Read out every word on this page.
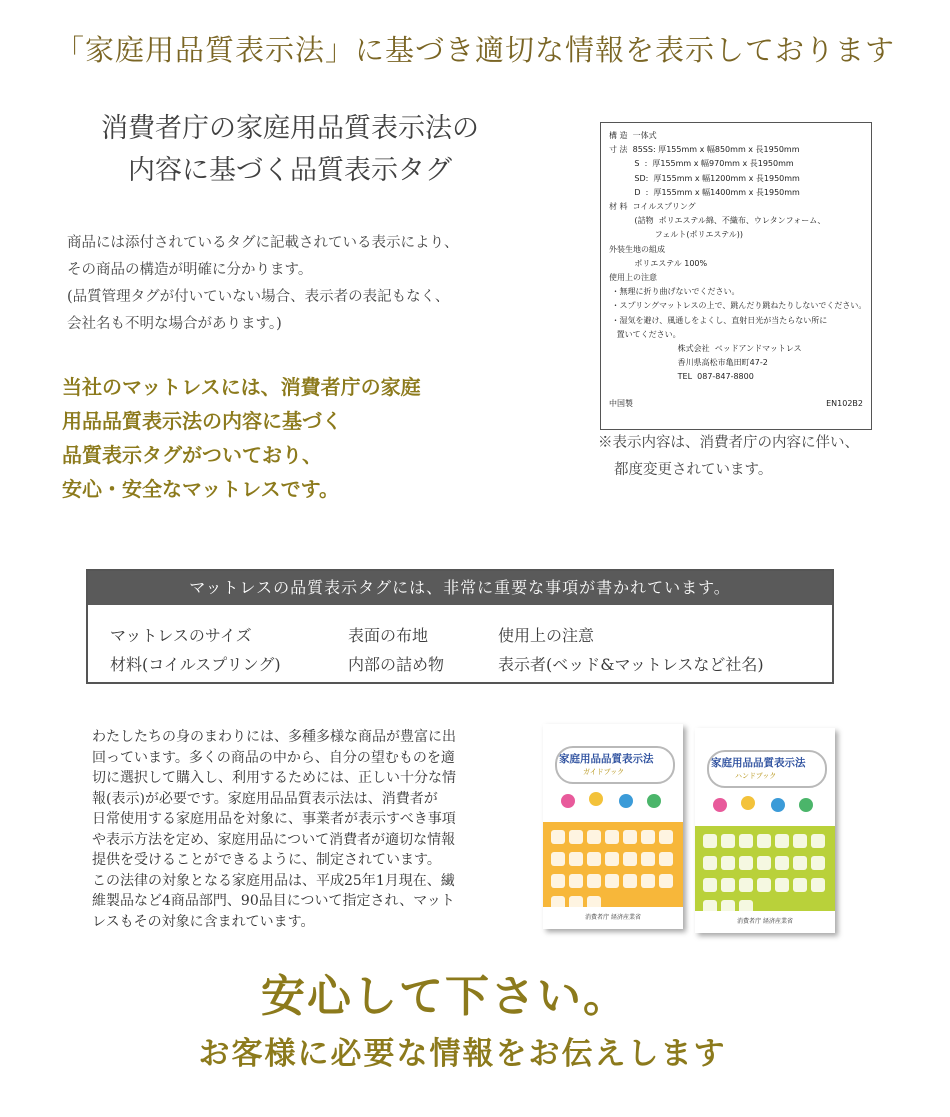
「家庭用品質表示法」に基づき適切な情報を表示しております
消費者庁の家庭用品質表示法の
内容に基づく品質表示タグ
商品には添付されているタグに記載されている表示により、
その商品の構造が明確に分かります。
(品質管理タグが付いていない場合、表示者の表記もなく、
会社名も不明な場合があります。)
当社のマットレスには、消費者庁の家庭
用品品質表示法の内容に基づく
品質表示タグがついており、
安心・安全なマットレスです。
構 造  一体式
寸 法  85SS: 厚155mm x 幅850mm x 長1950mm
S  :  厚155mm x 幅970mm x 長1950mm
SD:  厚155mm x 幅1200mm x 長1950mm
D  :  厚155mm x 幅1400mm x 長1950mm
材 料  コイルスプリング
(詰物  ポリエステル綿、不織布、ウレタンフォーム、
フェルト(ポリエステル))
外装生地の組成
ポリエステル 100%
使用上の注意
・無理に折り曲げないでください。
・スプリングマットレスの上で、跳んだり跳ねたりしないでください。
・湿気を避け、風通しをよくし、直射日光が当たらない所に
置いてください。
株式会社  ベッドアンドマットレス
香川県高松市亀田町47-2
TEL  087-847-8800
中国製	EN102B2
※表示内容は、消費者庁の内容に伴い、
都度変更されています。
マットレスの品質表示タグには、非常に重要な事項が書かれています。
マットレスのサイズ	表面の布地	使用上の注意
材料(コイルスプリング)	内部の詰め物	表示者(ベッド&マットレスなど社名)
わたしたちの身のまわりには、多種多様な商品が豊富に出
回っています。多くの商品の中から、自分の望むものを適
切に選択して購入し、利用するためには、正しい十分な情
報(表示)が必要です。家庭用品品質表示法は、消費者が
日常使用する家庭用品を対象に、事業者が表示すべき事項
や表示方法を定め、家庭用品について消費者が適切な情報
提供を受けることができるように、制定されています。
この法律の対象となる家庭用品は、平成25年1月現在、繊
維製品など4商品部門、90品目について指定され、マット
レスもその対象に含まれています。
家庭用品品質表示法
ガイドブック
消費者庁 経済産業省
家庭用品品質表示法
ハンドブック
消費者庁 経済産業省
安心して下さい。
お客様に必要な情報をお伝えします
